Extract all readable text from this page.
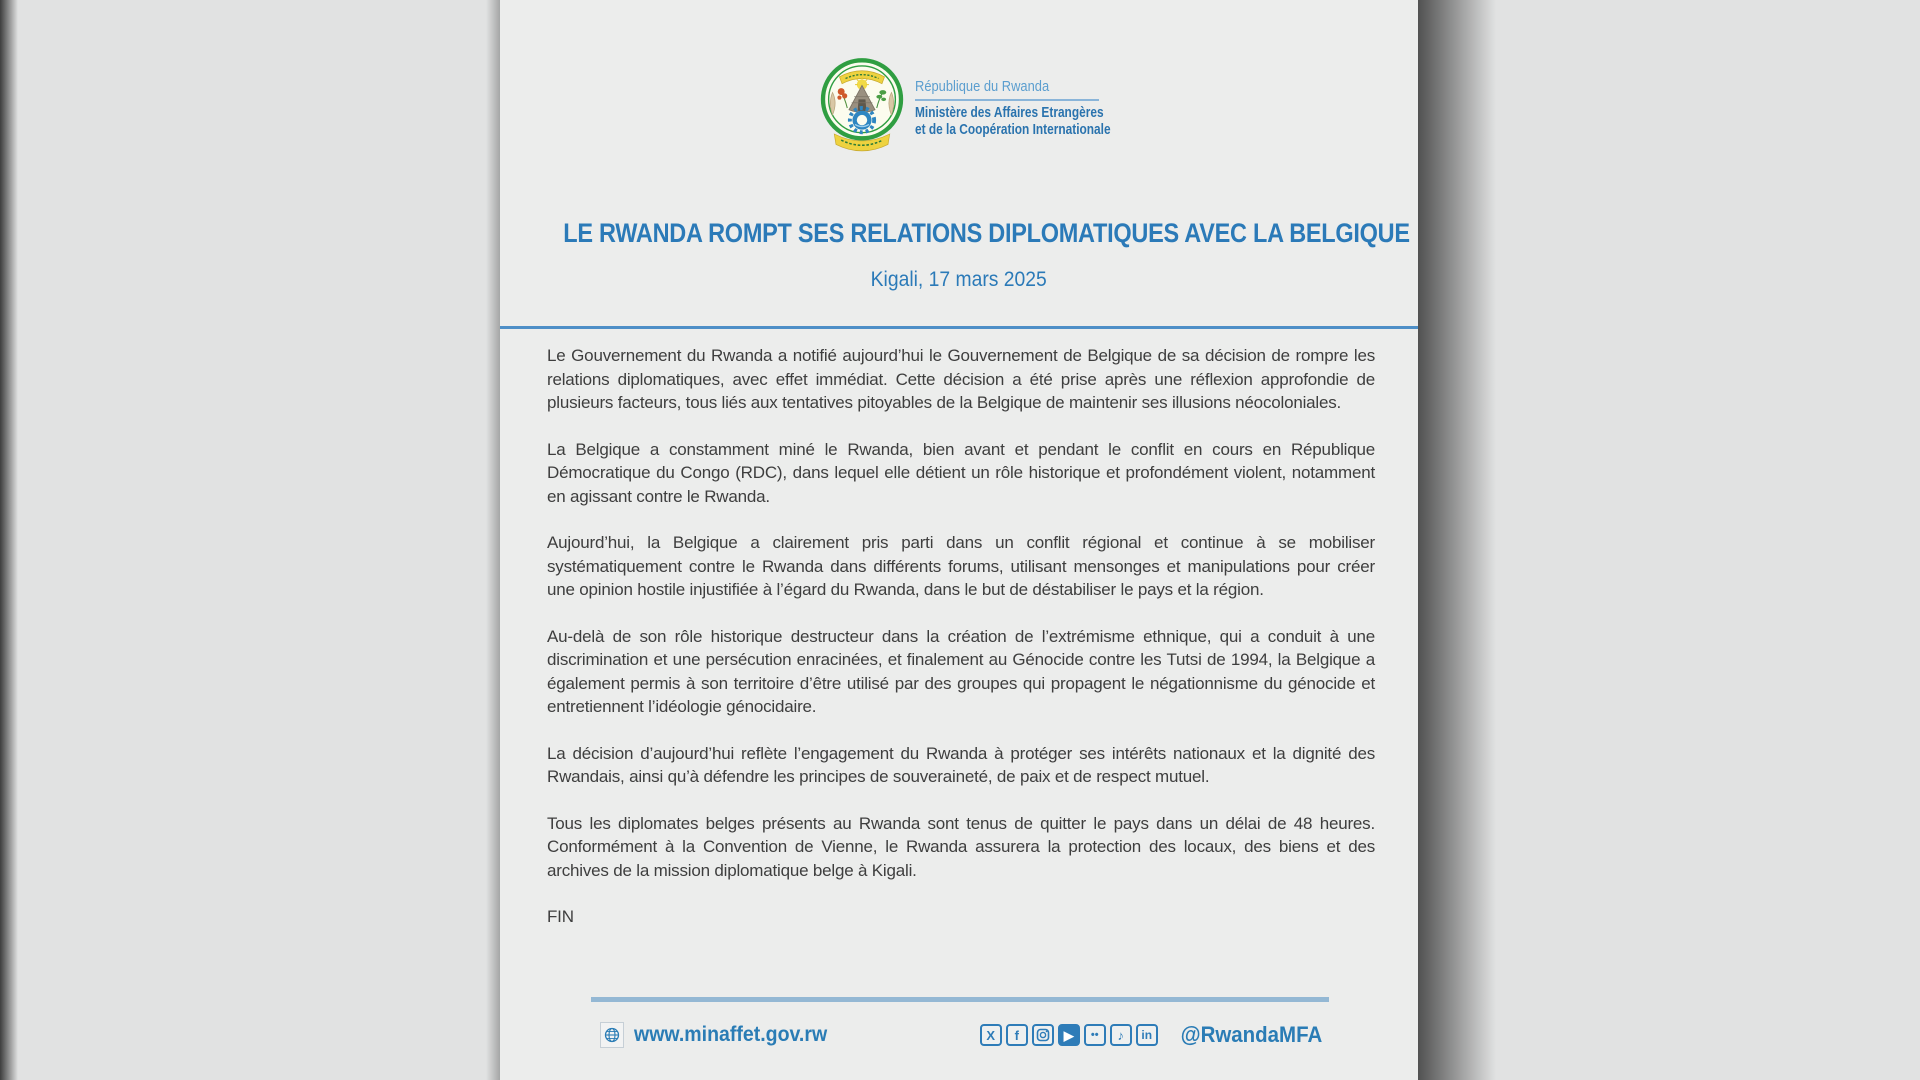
République du Rwanda
Ministère des Affaires Etrangères
et de la Coopération Internationale
LE RWANDA ROMPT SES RELATIONS DIPLOMATIQUES AVEC LA BELGIQUE
Kigali, 17 mars 2025

Le Gouvernement du Rwanda a notifié aujourd’hui le Gouvernement de Belgique de sa décision de rompre les relations diplomatiques, avec effet immédiat. Cette décision a été prise après une réflexion approfondie de plusieurs facteurs, tous liés aux tentatives pitoyables de la Belgique de maintenir ses illusions néocoloniales.

La Belgique a constamment miné le Rwanda, bien avant et pendant le conflit en cours en République Démocratique du Congo (RDC), dans lequel elle détient un rôle historique et profondément violent, notamment en agissant contre le Rwanda.

Aujourd’hui, la Belgique a clairement pris parti dans un conflit régional et continue à se mobiliser systématiquement contre le Rwanda dans différents forums, utilisant mensonges et manipulations pour créer une opinion hostile injustifiée à l’égard du Rwanda, dans le but de déstabiliser le pays et la région.

Au-delà de son rôle historique destructeur dans la création de l’extrémisme ethnique, qui a conduit à une discrimination et une persécution enracinées, et finalement au Génocide contre les Tutsi de 1994, la Belgique a également permis à son territoire d’être utilisé par des groupes qui propagent le négationnisme du génocide et entretiennent l’idéologie génocidaire.

La décision d’aujourd’hui reflète l’engagement du Rwanda à protéger ses intérêts nationaux et la dignité des Rwandais, ainsi qu’à défendre les principes de souveraineté, de paix et de respect mutuel.

Tous les diplomates belges présents au Rwanda sont tenus de quitter le pays dans un délai de 48 heures. Conformément à la Convention de Vienne, le Rwanda assurera la protection des locaux, des biens et des archives de la mission diplomatique belge à Kigali.

FIN

www.minaffet.gov.rw	X f	▶ •• ♪ in	@RwandaMFA
